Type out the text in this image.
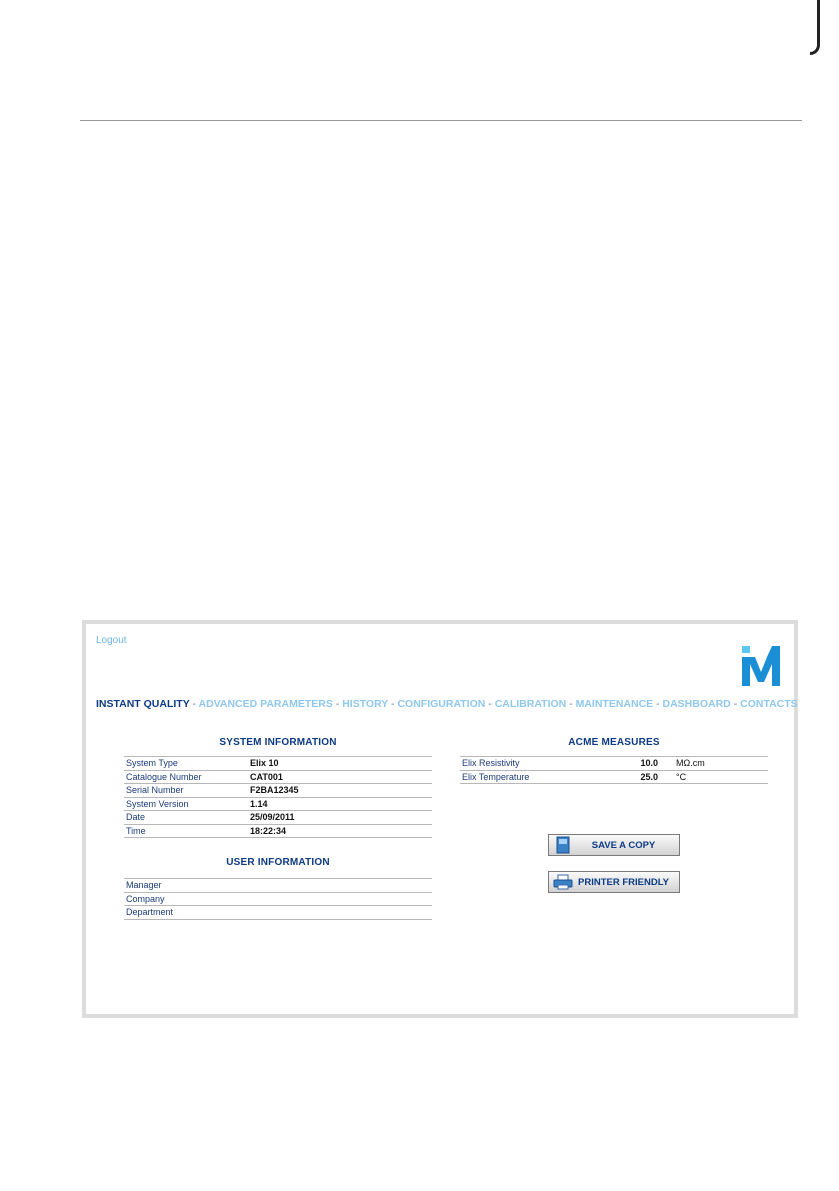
Logout
INSTANT QUALITY - ADVANCED PARAMETERS - HISTORY - CONFIGURATION - CALIBRATION - MAINTENANCE - DASHBOARD - CONTACTS
SYSTEM INFORMATION
System Type	Elix 10
Catalogue Number	CAT001
Serial Number	F2BA12345
System Version	1.14
Date	25/09/2011
Time	18:22:34
USER INFORMATION
Manager	
Company	
Department	
ACME MEASURES
Elix Resistivity	10.0	MΩ.cm
Elix Temperature	25.0	°C
SAVE A COPY
PRINTER FRIENDLY
